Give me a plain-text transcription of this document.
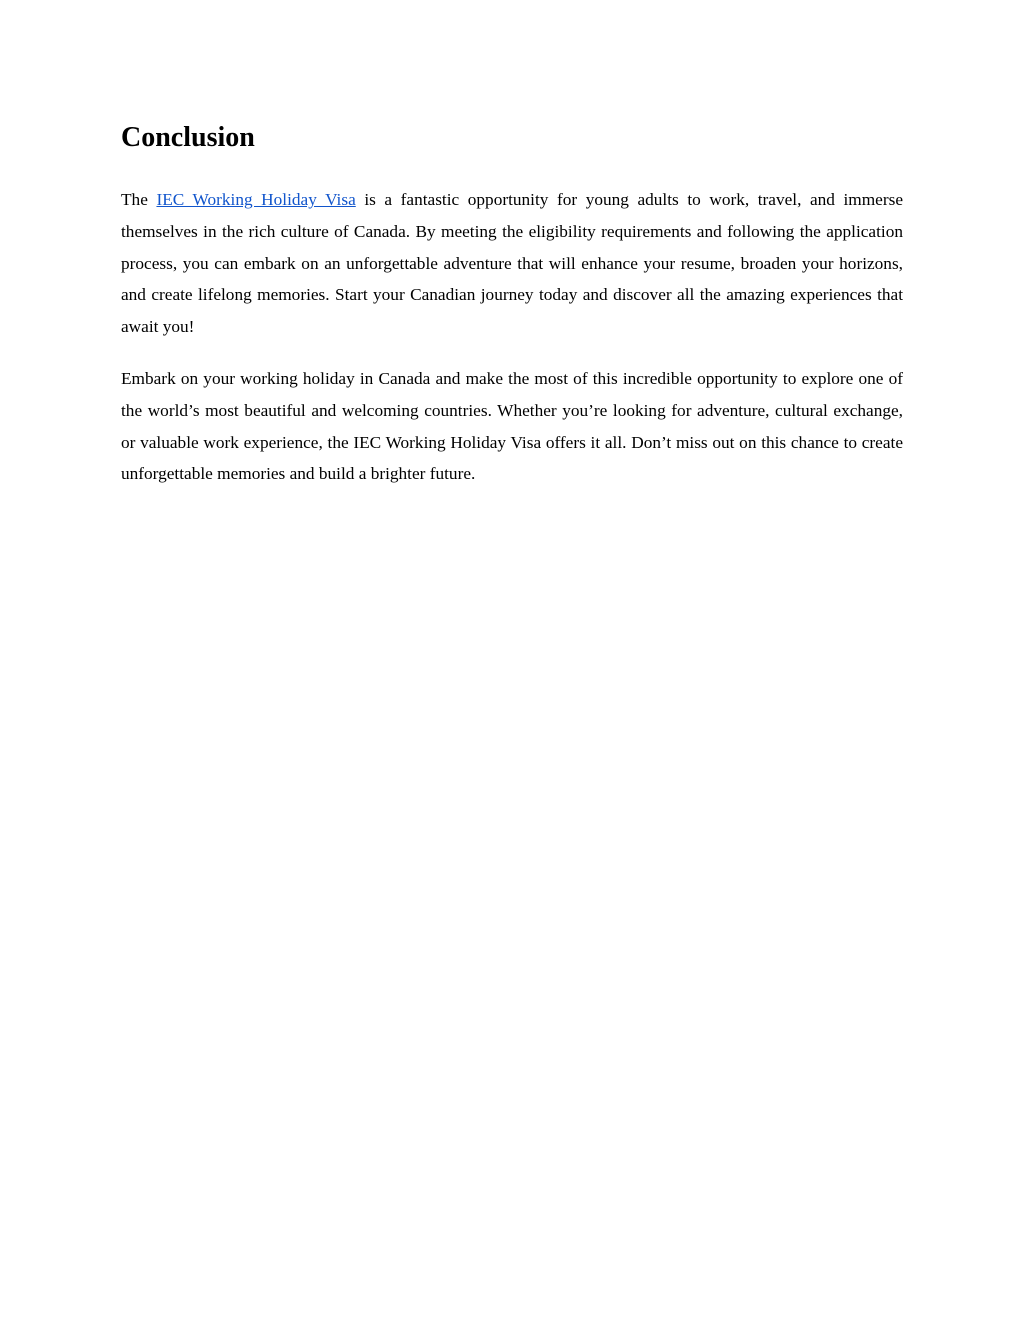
Conclusion

The IEC Working Holiday Visa is a fantastic opportunity for young adults to work, travel, and immerse themselves in the rich culture of Canada. By meeting the eligibility requirements and following the application process, you can embark on an unforgettable adventure that will enhance your resume, broaden your horizons, and create lifelong memories. Start your Canadian journey today and discover all the amazing experiences that await you!

Embark on your working holiday in Canada and make the most of this incredible opportunity to explore one of the world’s most beautiful and welcoming countries. Whether you’re looking for adventure, cultural exchange, or valuable work experience, the IEC Working Holiday Visa offers it all. Don’t miss out on this chance to create unforgettable memories and build a brighter future.
